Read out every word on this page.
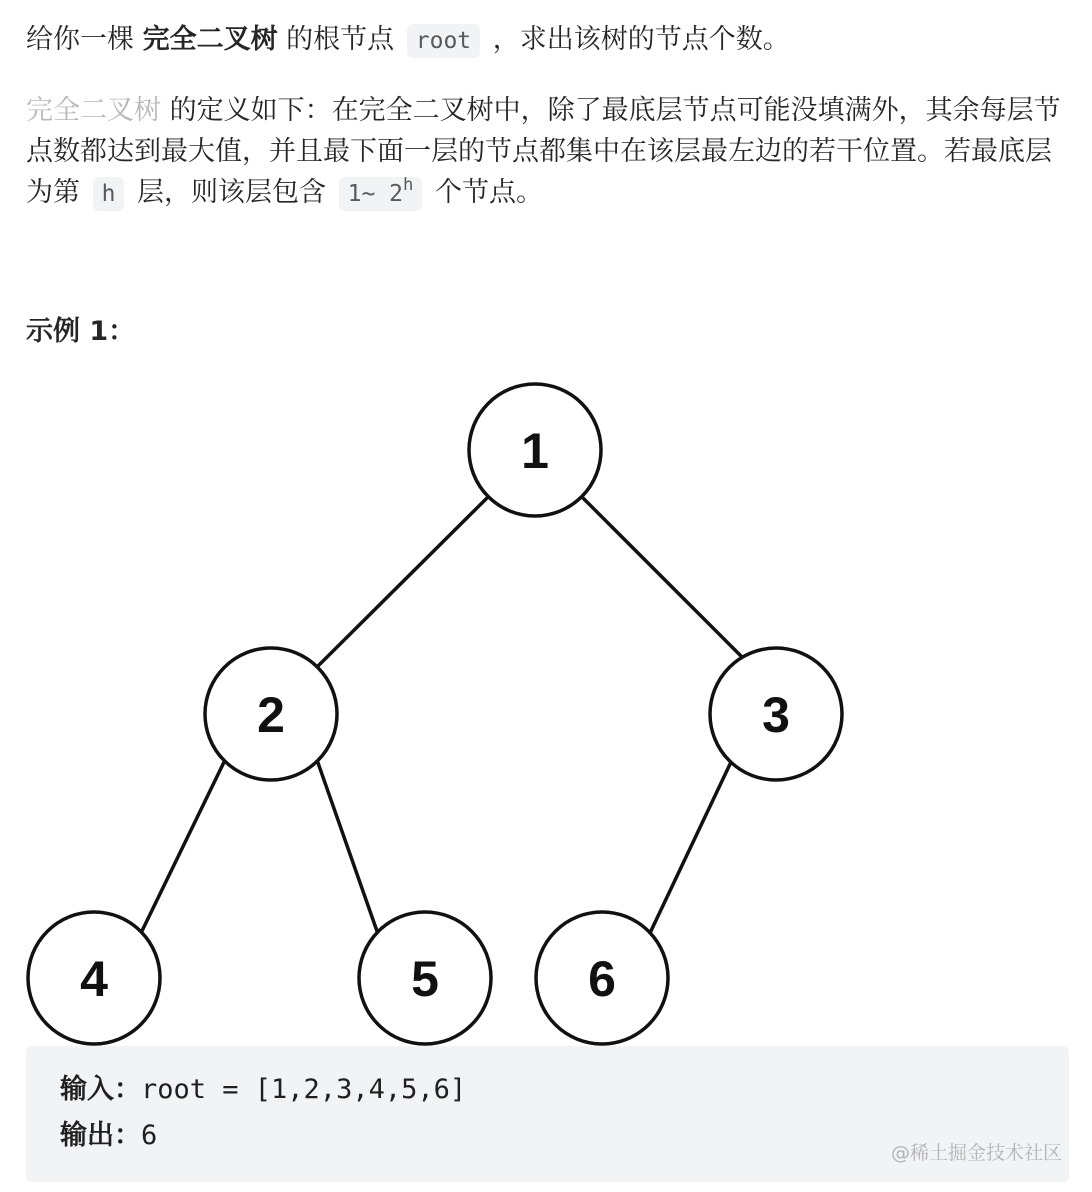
给你一棵 完全二叉树 的根节点 root ，求出该树的节点个数。

完全二叉树 的定义如下：在完全二叉树中，除了最底层节点可能没填满外，其余每层节点数都达到最大值，并且最下面一层的节点都集中在该层最左边的若干位置。若最底层为第 h 层，则该层包含 1~ 2$^h$ 个节点。

示例 1：

1
2	3
4	5	6
输入：root = [1,2,3,4,5,6]
输出：6
@稀土掘金技术社区
